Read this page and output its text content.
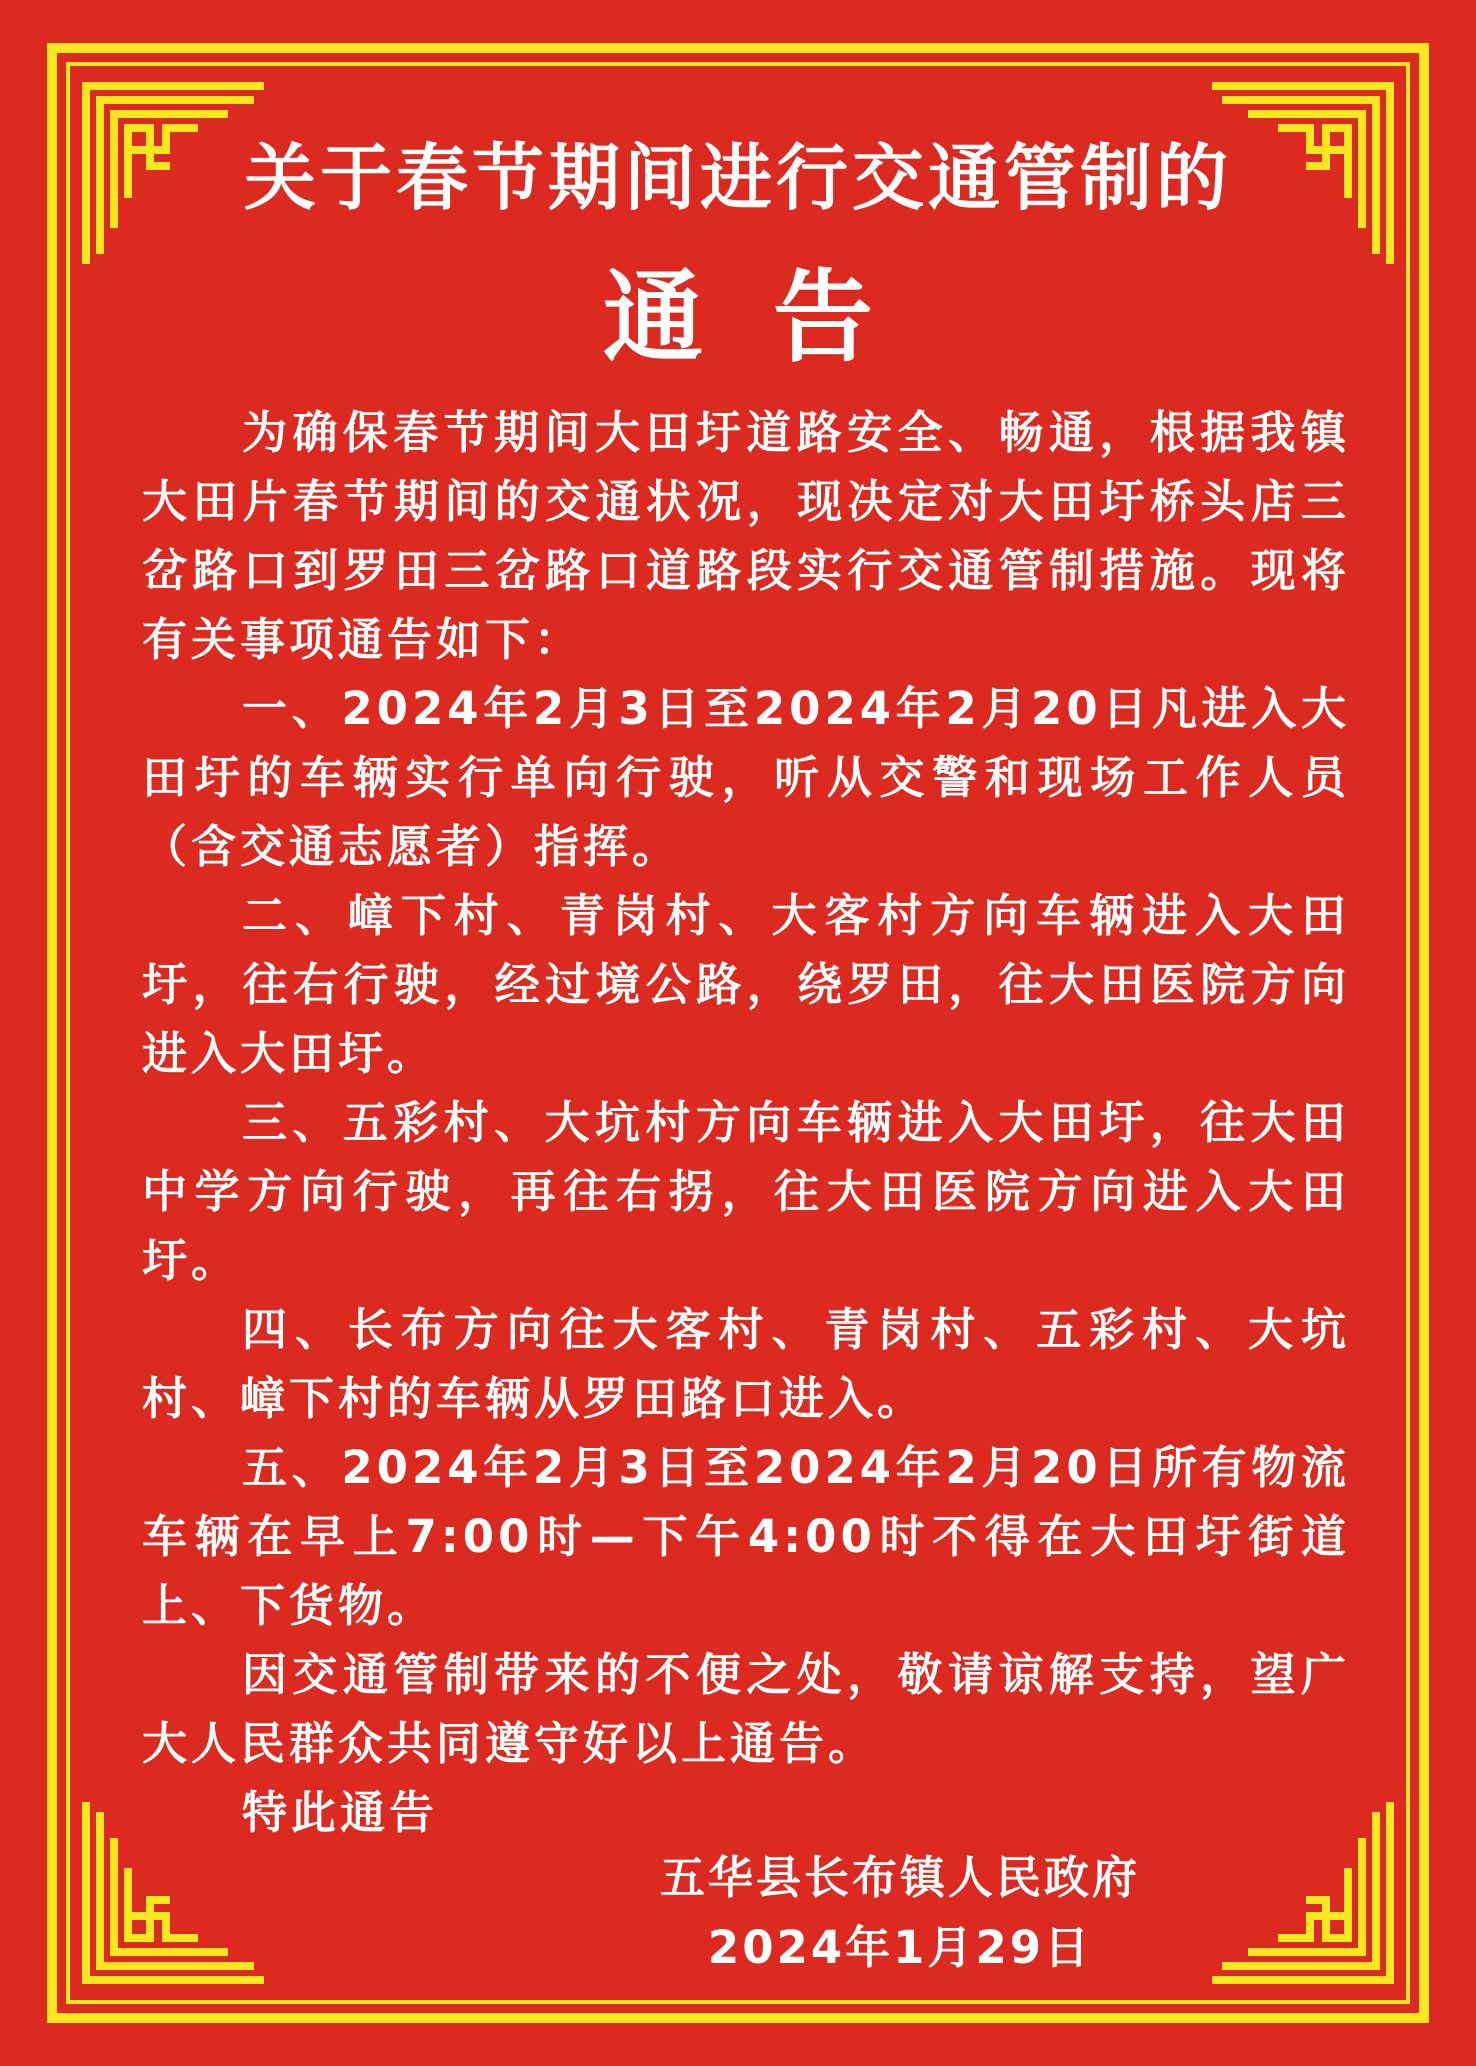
关于春节期间进行交通管制的
通告

为确保春节期间大田圩道路安全、畅通，根据我镇大田片春节期间的交通状况，现决定对大田圩桥头店三岔路口到罗田三岔路口道路段实行交通管制措施。现将有关事项通告如下：

一、2024年2月3日至2024年2月20日凡进入大田圩的车辆实行单向行驶，听从交警和现场工作人员（含交通志愿者）指挥。

二、嶂下村、青岗村、大客村方向车辆进入大田圩，往右行驶，经过境公路，绕罗田，往大田医院方向进入大田圩。

三、五彩村、大坑村方向车辆进入大田圩，往大田中学方向行驶，再往右拐，往大田医院方向进入大田圩。

四、长布方向往大客村、青岗村、五彩村、大坑村、嶂下村的车辆从罗田路口进入。

五、2024年2月3日至2024年2月20日所有物流车辆在早上7:00时—下午4:00时不得在大田圩街道上、下货物。

因交通管制带来的不便之处，敬请谅解支持，望广大人民群众共同遵守好以上通告。

特此通告

五华县长布镇人民政府
2024年1月29日
